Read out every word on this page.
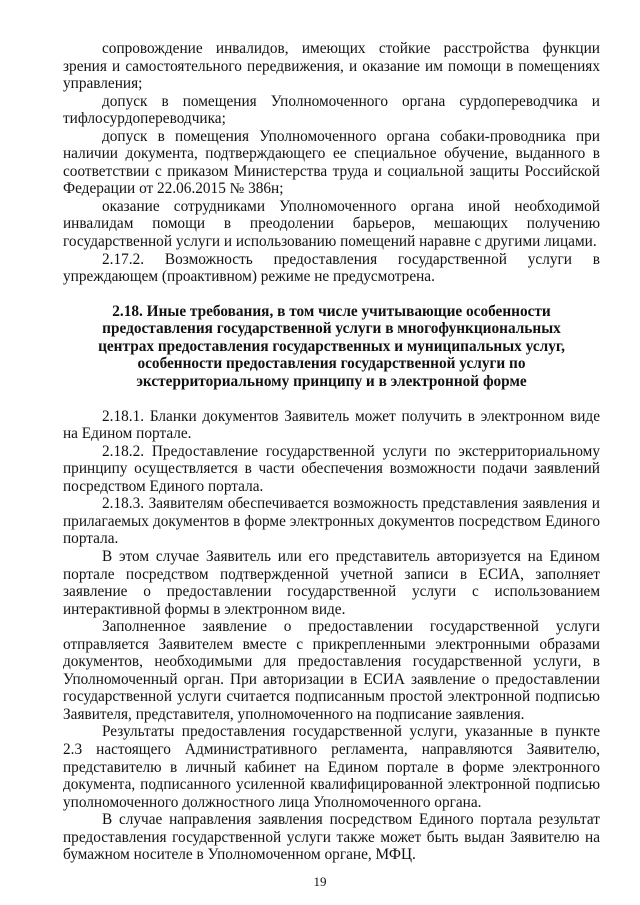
сопровождение инвалидов, имеющих стойкие расстройства функции зрения и самостоятельного передвижения, и оказание им помощи в помещениях управления;

допуск в помещения Уполномоченного органа сурдопереводчика и тифлосурдопереводчика;

допуск в помещения Уполномоченного органа собаки-проводника при наличии документа, подтверждающего ее специальное обучение, выданного в соответствии с приказом Министерства труда и социальной защиты Российской Федерации от 22.06.2015 № 386н;

оказание сотрудниками Уполномоченного органа иной необходимой инвалидам помощи в преодолении барьеров, мешающих получению государственной услуги и использованию помещений наравне с другими лицами.

2.17.2. Возможность предоставления государственной услуги в упреждающем (проактивном) режиме не предусмотрена.

2.18. Иные требования, в том числе учитывающие особенности предоставления государственной услуги в многофункциональных центрах предоставления государственных и муниципальных услуг, особенности предоставления государственной услуги по экстерриториальному принципу и в электронной форме

2.18.1. Бланки документов Заявитель может получить в электронном виде на Едином портале.

2.18.2. Предоставление государственной услуги по экстерриториальному принципу осуществляется в части обеспечения возможности подачи заявлений посредством Единого портала.

2.18.3. Заявителям обеспечивается возможность представления заявления и прилагаемых документов в форме электронных документов посредством Единого портала.

В этом случае Заявитель или его представитель авторизуется на Едином портале посредством подтвержденной учетной записи в ЕСИА, заполняет заявление о предоставлении государственной услуги с использованием интерактивной формы в электронном виде.

Заполненное заявление о предоставлении государственной услуги отправляется Заявителем вместе с прикрепленными электронными образами документов, необходимыми для предоставления государственной услуги, в Уполномоченный орган. При авторизации в ЕСИА заявление о предоставлении государственной услуги считается подписанным простой электронной подписью Заявителя, представителя, уполномоченного на подписание заявления.

Результаты предоставления государственной услуги, указанные в пункте 2.3 настоящего Административного регламента, направляются Заявителю, представителю в личный кабинет на Едином портале в форме электронного документа, подписанного усиленной квалифицированной электронной подписью уполномоченного должностного лица Уполномоченного органа.

В случае направления заявления посредством Единого портала результат предоставления государственной услуги также может быть выдан Заявителю на бумажном носителе в Уполномоченном органе, МФЦ.

19
